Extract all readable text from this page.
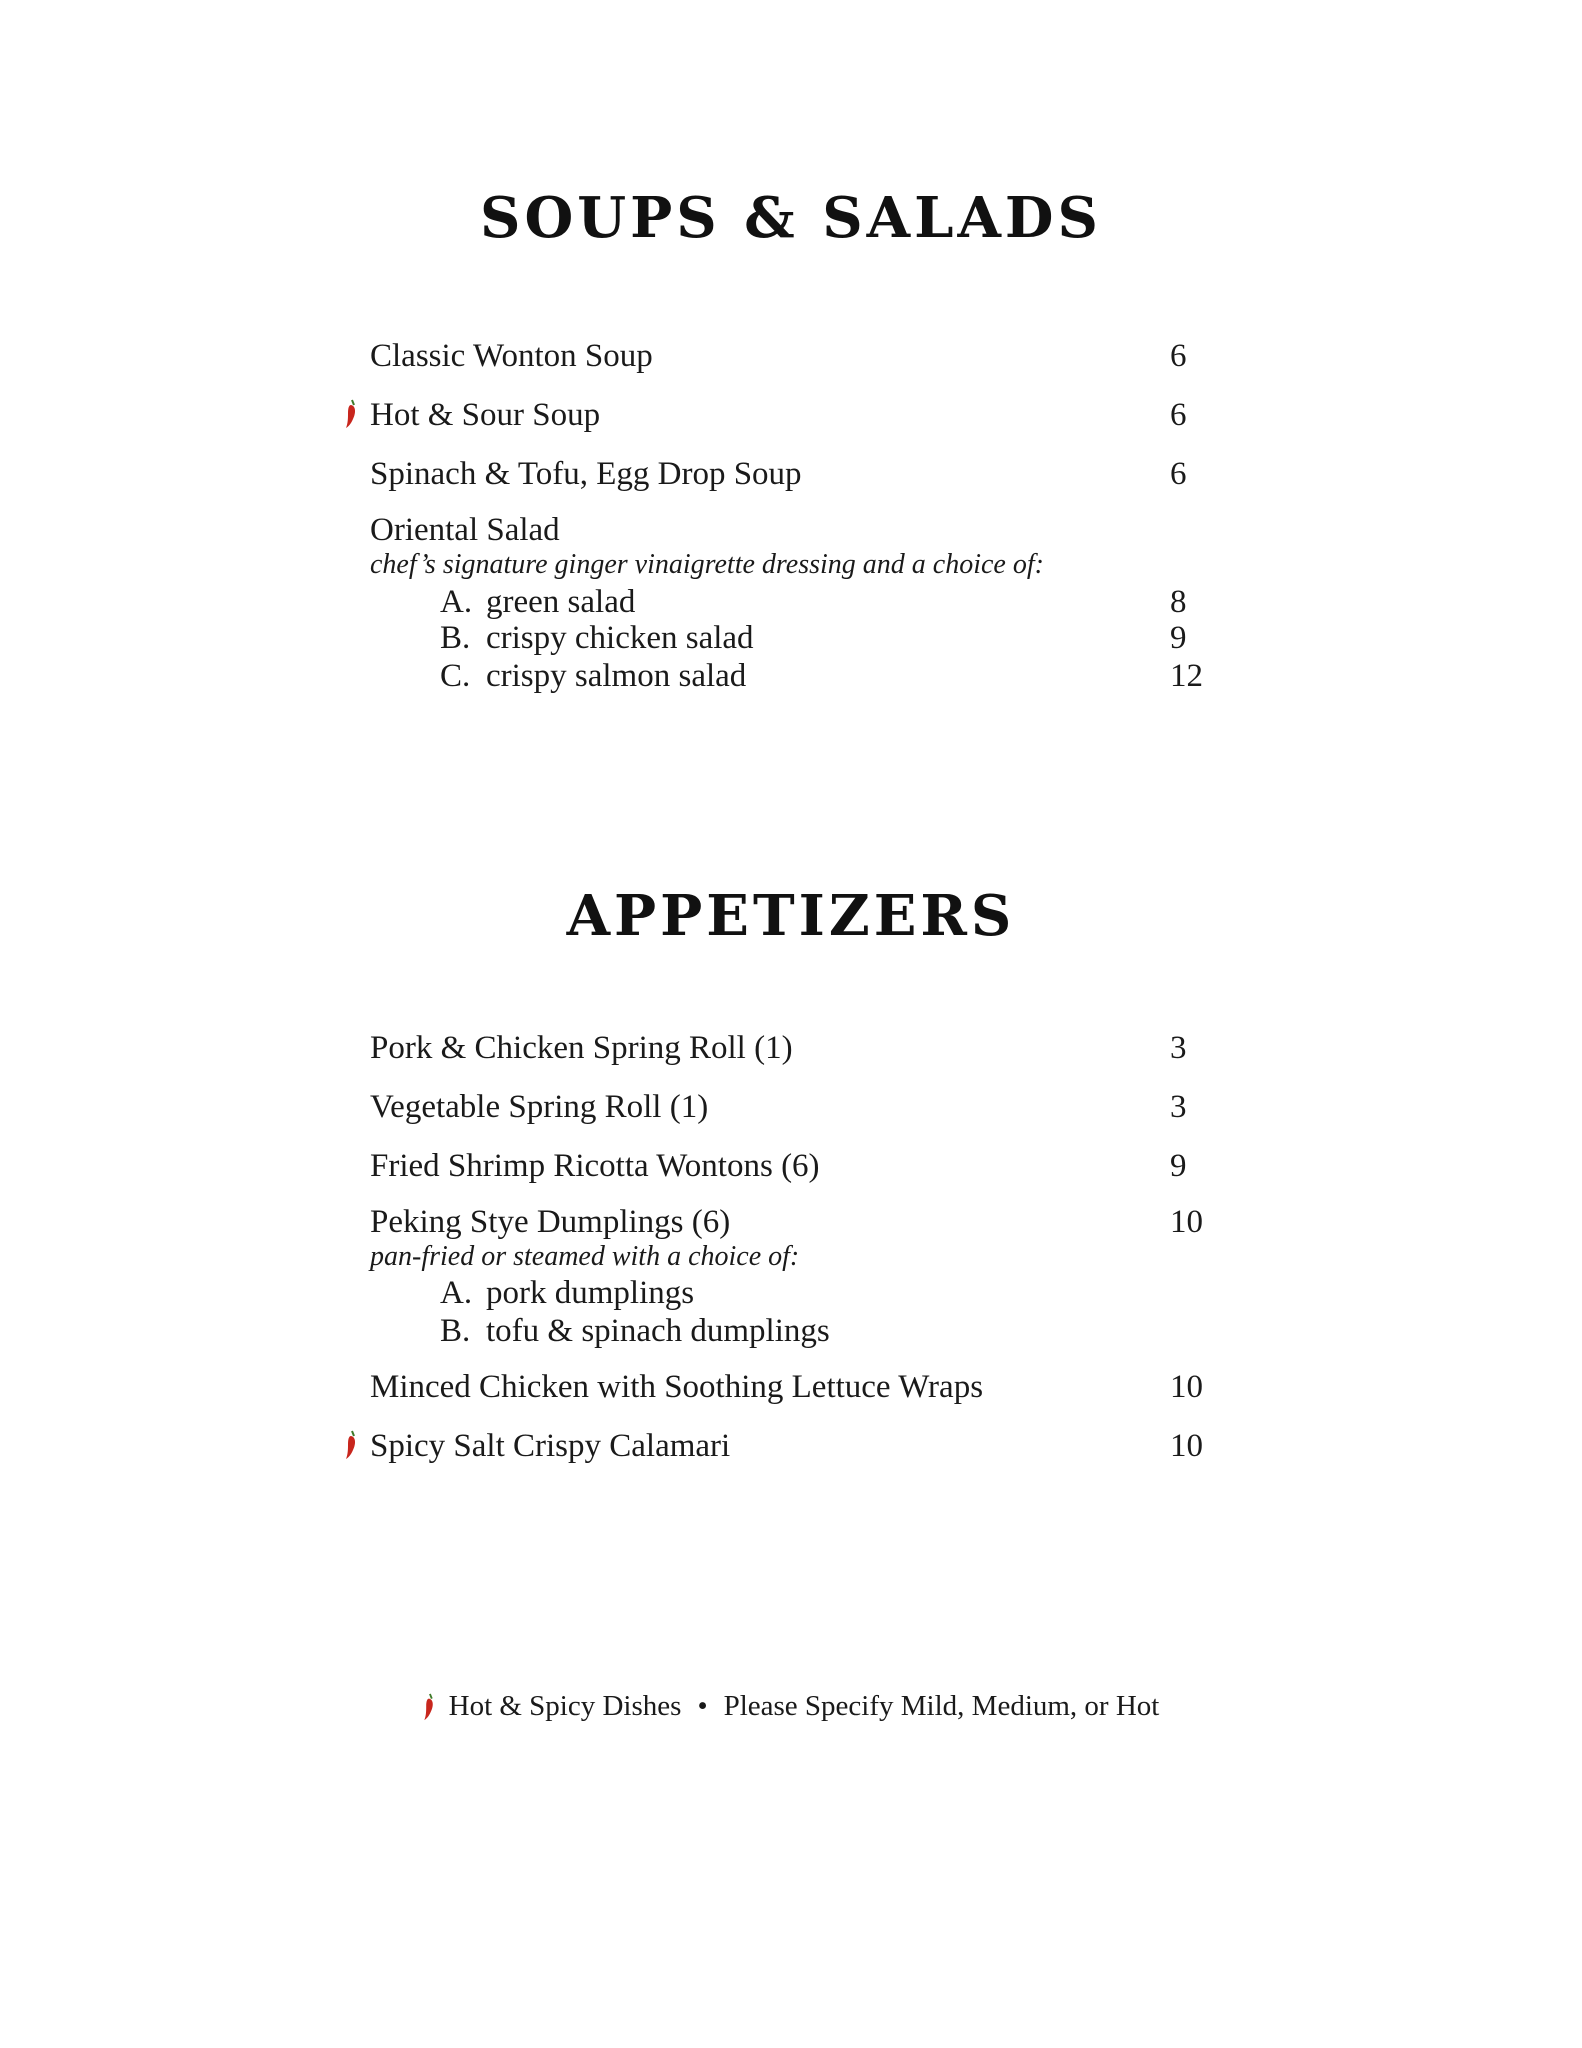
SOUPS & SALADS
Classic Wonton Soup	6
Hot & Sour Soup	6
Spinach & Tofu, Egg Drop Soup	6
Oriental Salad
chef’s signature ginger vinaigrette dressing and a choice of:
A. green salad	8
B. crispy chicken salad	9
C. crispy salmon salad	12
APPETIZERS
Pork & Chicken Spring Roll (1)	3
Vegetable Spring Roll (1)	3
Fried Shrimp Ricotta Wontons (6)	9
Peking Stye Dumplings (6)	10
pan-fried or steamed with a choice of:
A. pork dumplings
B. tofu & spinach dumplings
Minced Chicken with Soothing Lettuce Wraps	10
Spicy Salt Crispy Calamari	10
Hot & Spicy Dishes • Please Specify Mild, Medium, or Hot
